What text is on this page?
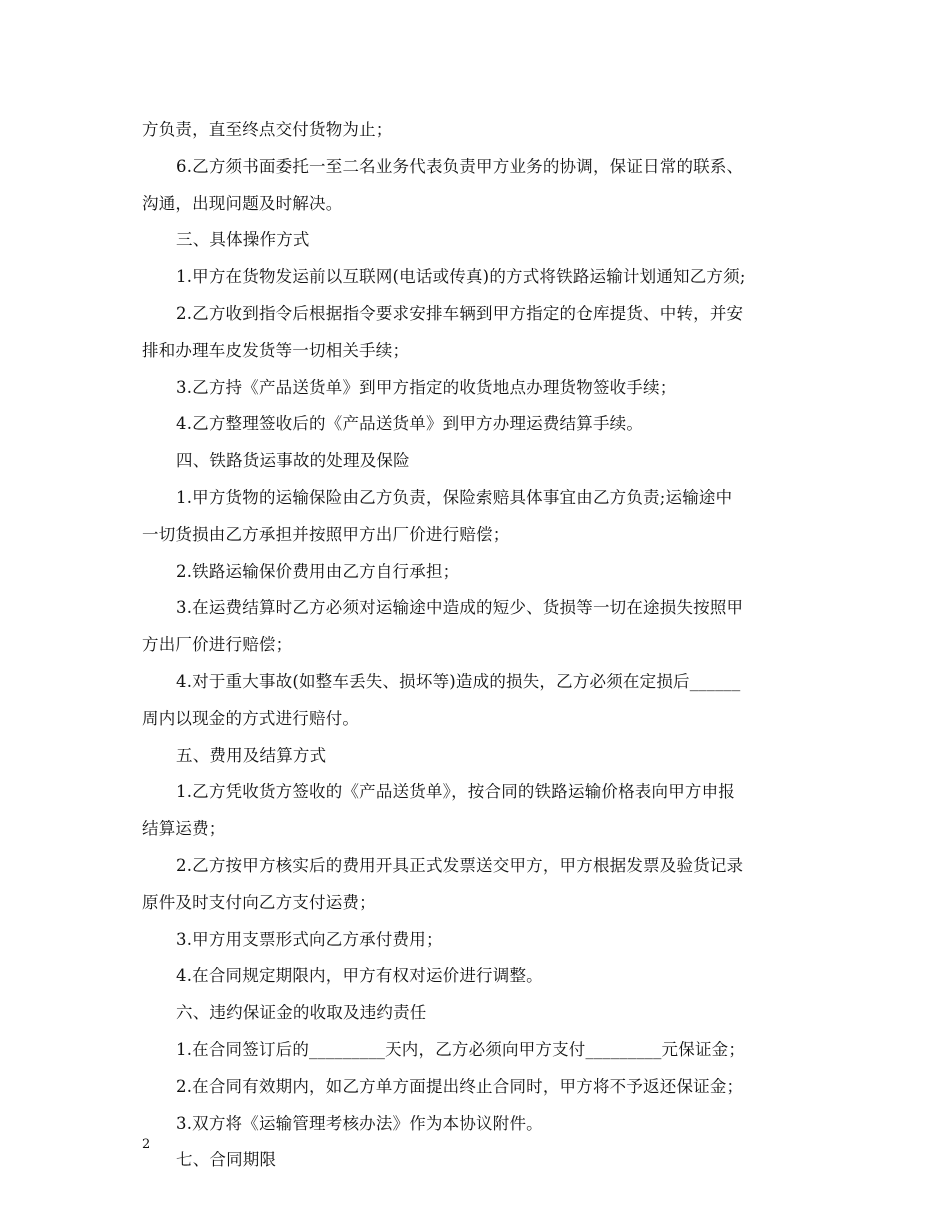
方负责，直至终点交付货物为止；
6.乙方须书面委托一至二名业务代表负责甲方业务的协调，保证日常的联系、
沟通，出现问题及时解决。
三、具体操作方式
1.甲方在货物发运前以互联网(电话或传真)的方式将铁路运输计划通知乙方须;
2.乙方收到指令后根据指令要求安排车辆到甲方指定的仓库提货、中转，并安
排和办理车皮发货等一切相关手续；
3.乙方持《产品送货单》到甲方指定的收货地点办理货物签收手续；
4.乙方整理签收后的《产品送货单》到甲方办理运费结算手续。
四、铁路货运事故的处理及保险
1.甲方货物的运输保险由乙方负责，保险索赔具体事宜由乙方负责;运输途中
一切货损由乙方承担并按照甲方出厂价进行赔偿；
2.铁路运输保价费用由乙方自行承担；
3.在运费结算时乙方必须对运输途中造成的短少、货损等一切在途损失按照甲
方出厂价进行赔偿；
4.对于重大事故(如整车丢失、损坏等)造成的损失，乙方必须在定损后______
周内以现金的方式进行赔付。
五、费用及结算方式
1.乙方凭收货方签收的《产品送货单》，按合同的铁路运输价格表向甲方申报
结算运费；
2.乙方按甲方核实后的费用开具正式发票送交甲方，甲方根据发票及验货记录
原件及时支付向乙方支付运费；
3.甲方用支票形式向乙方承付费用；
4.在合同规定期限内，甲方有权对运价进行调整。
六、违约保证金的收取及违约责任
1.在合同签订后的_________天内，乙方必须向甲方支付_________元保证金；
2.在合同有效期内，如乙方单方面提出终止合同时，甲方将不予返还保证金；
3.双方将《运输管理考核办法》作为本协议附件。
七、合同期限
2
